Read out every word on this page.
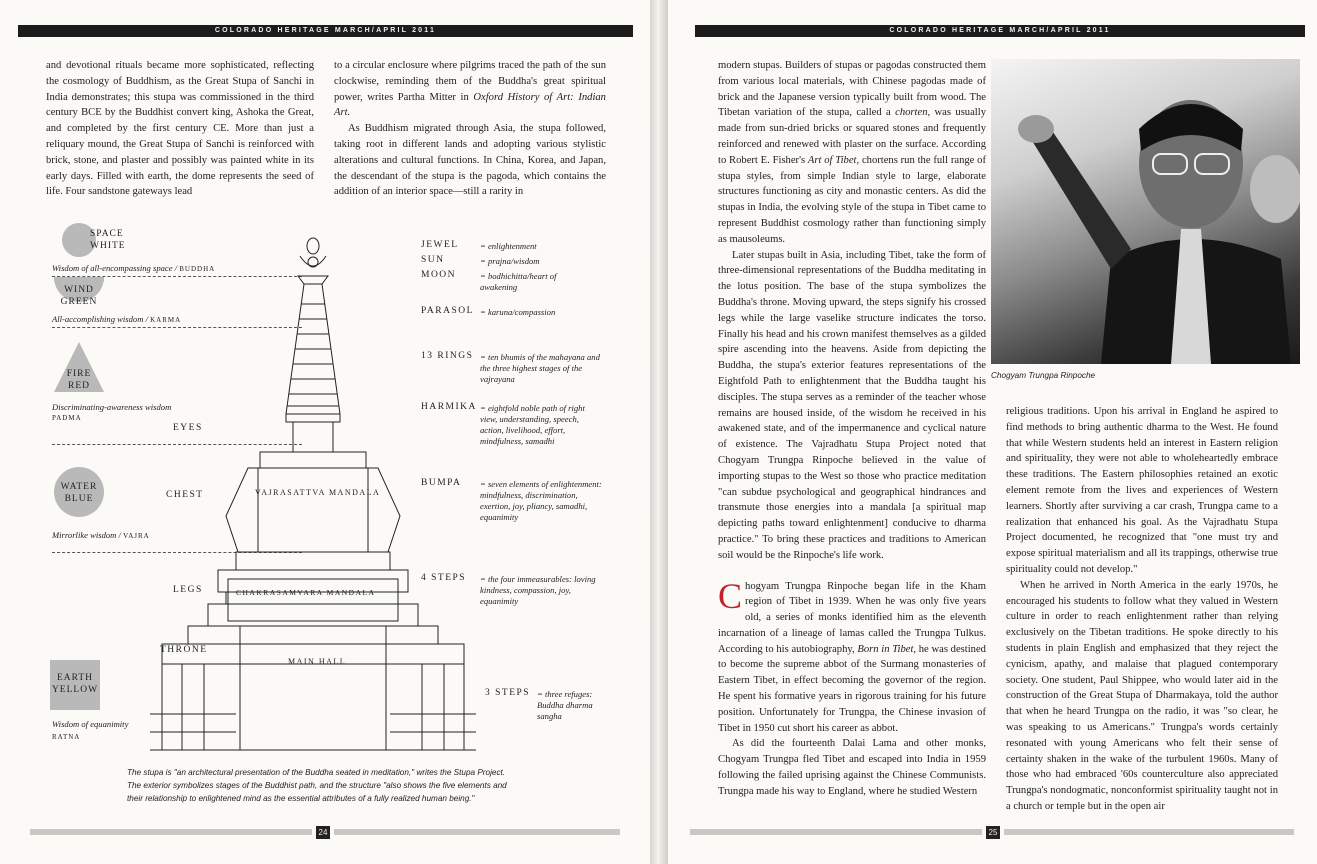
COLORADO HERITAGE MARCH/APRIL 2011

and devotional rituals became more sophisticated, reflecting the cosmology of Buddhism, as the Great Stupa of Sanchi in India demonstrates; this stupa was commissioned in the third century BCE by the Buddhist convert king, Ashoka the Great, and completed by the first century CE. More than just a reliquary mound, the Great Stupa of Sanchi is reinforced with brick, stone, and plaster and possibly was painted white in its early days. Filled with earth, the dome represents the seed of life. Four sandstone gateways lead

to a circular enclosure where pilgrims traced the path of the sun clockwise, reminding them of the Buddha's great spiritual power, writes Partha Mitter in Oxford History of Art: Indian Art.

As Buddhism migrated through Asia, the stupa followed, taking root in different lands and adopting various stylistic alterations and cultural functions. In China, Korea, and Japan, the descendant of the stupa is the pagoda, which contains the addition of an interior space—still a rarity in

SPACE
WHITE
Wisdom of all-encompassing space / BUDDHA
WIND
GREEN
All-accomplishing wisdom / KARMA
FIRE
RED
Discriminating-awareness wisdom
PADMA
EYES
WATER
BLUE	CHEST
Mirrorlike wisdom / VAJRA
LEGS
THRONE
EARTH
YELLOW
Wisdom of equanimity
RATNA
VAJRASATTVA MANDALA
CHAKRASAMVARA MANDALA
MAIN HALL
JEWEL = enlightenment
SUN	= prajna/wisdom
MOON	= bodhichitta/heart of awakening
PARASOL = karuna/compassion
13 RINGS = ten bhumis of the mahayana and the three highest stages of the vajrayana
HARMIKA = eightfold noble path of right view, understanding, speech, action, livelihood, effort, mindfulness, samadhi
BUMPA = seven elements of enlightenment: mindfulness, discrimination, exertion, joy, pliancy, samadhi, equanimity
4 STEPS = the four immeasurables: loving kindness, compassion, joy, equanimity
3 STEPS = three refuges: Buddha dharma sangha
The stupa is "an architectural presentation of the Buddha seated in meditation," writes the Stupa Project. The exterior symbolizes stages of the Buddhist path, and the structure "also shows the five elements and their relationship to enlightened mind as the essential attributes of a fully realized human being."
24
COLORADO HERITAGE MARCH/APRIL 2011

modern stupas. Builders of stupas or pagodas constructed them from various local materials, with Chinese pagodas made of brick and the Japanese version typically built from wood. The Tibetan variation of the stupa, called a chorten, was usually made from sun-dried bricks or squared stones and frequently reinforced and renewed with plaster on the surface. According to Robert E. Fisher's Art of Tibet, chortens run the full range of stupa styles, from simple Indian style to large, elaborate structures functioning as city and monastic centers. As did the stupas in India, the evolving style of the stupa in Tibet came to represent Buddhist cosmology rather than functioning simply as mausoleums.

Later stupas built in Asia, including Tibet, take the form of three-dimensional representations of the Buddha meditating in the lotus position. The base of the stupa symbolizes the Buddha's throne. Moving upward, the steps signify his crossed legs while the large vaselike structure indicates the torso. Finally his head and his crown manifest themselves as a gilded spire ascending into the heavens. Aside from depicting the Buddha, the stupa's exterior features representations of the Eightfold Path to enlightenment that the Buddha taught his disciples. The stupa serves as a reminder of the teacher whose remains are housed inside, of the wisdom he received in his awakened state, and of the impermanence and cyclical nature of existence. The Vajradhatu Stupa Project noted that Chogyam Trungpa Rinpoche believed in the value of importing stupas to the West so those who practice meditation "can subdue psychological and geographical hindrances and transmute those energies into a mandala [a spiritual map depicting paths toward enlightenment] conducive to dharma practice." To bring these practices and traditions to American soil would be the Rinpoche's life work.

Chogyam Trungpa Rinpoche began life in the Kham region of Tibet in 1939. When he was only five years old, a series of monks identified him as the eleventh incarnation of a lineage of lamas called the Trungpa Tulkus. According to his autobiography, Born in Tibet, he was destined to become the supreme abbot of the Surmang monasteries of Eastern Tibet, in effect becoming the governor of the region. He spent his formative years in rigorous training for his future position. Unfortunately for Trungpa, the Chinese invasion of Tibet in 1950 cut short his career as abbot.

As did the fourteenth Dalai Lama and other monks, Chogyam Trungpa fled Tibet and escaped into India in 1959 following the failed uprising against the Chinese Communists. Trungpa made his way to England, where he studied Western

Chogyam Trungpa Rinpoche

religious traditions. Upon his arrival in England he aspired to find methods to bring authentic dharma to the West. He found that while Western students held an interest in Eastern religion and spirituality, they were not able to wholeheartedly embrace these traditions. The Eastern philosophies retained an exotic element remote from the lives and experiences of Western learners. Shortly after surviving a car crash, Trungpa came to a realization that enhanced his goal. As the Vajradhatu Stupa Project documented, he recognized that "one must try and expose spiritual materialism and all its trappings, otherwise true spirituality could not develop."

When he arrived in North America in the early 1970s, he encouraged his students to follow what they valued in Western culture in order to reach enlightenment rather than relying exclusively on the Tibetan traditions. He spoke directly to his students in plain English and emphasized that they reject the cynicism, apathy, and malaise that plagued contemporary society. One student, Paul Shippee, who would later aid in the construction of the Great Stupa of Dharmakaya, told the author that when he heard Trungpa on the radio, it was "so clear, he was speaking to us Americans." Trungpa's words certainly resonated with young Americans who felt their sense of certainty shaken in the wake of the turbulent 1960s. Many of those who had embraced '60s counterculture also appreciated Trungpa's nondogmatic, nonconformist spirituality taught not in a church or temple but in the open air

25
